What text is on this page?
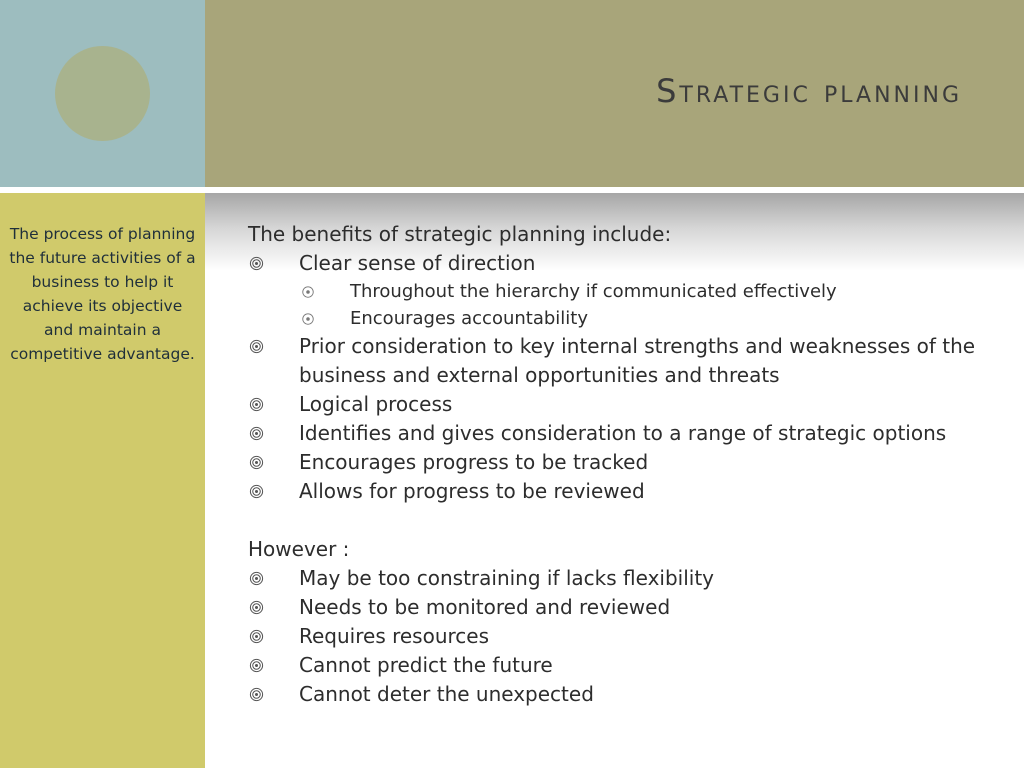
Strategic planning
The process of planning the future activities of a business to help it achieve its objective and maintain a competitive advantage.
The benefits of strategic planning include:
Clear sense of direction
Throughout the hierarchy if communicated effectively
Encourages accountability
Prior consideration to key internal strengths and weaknesses of the business and external opportunities and threats
Logical process
Identifies and gives consideration to a range of strategic options
Encourages progress to be tracked
Allows for progress to be reviewed
However :
May be too constraining if lacks flexibility
Needs to be monitored and reviewed
Requires resources
Cannot predict the future
Cannot deter the unexpected
